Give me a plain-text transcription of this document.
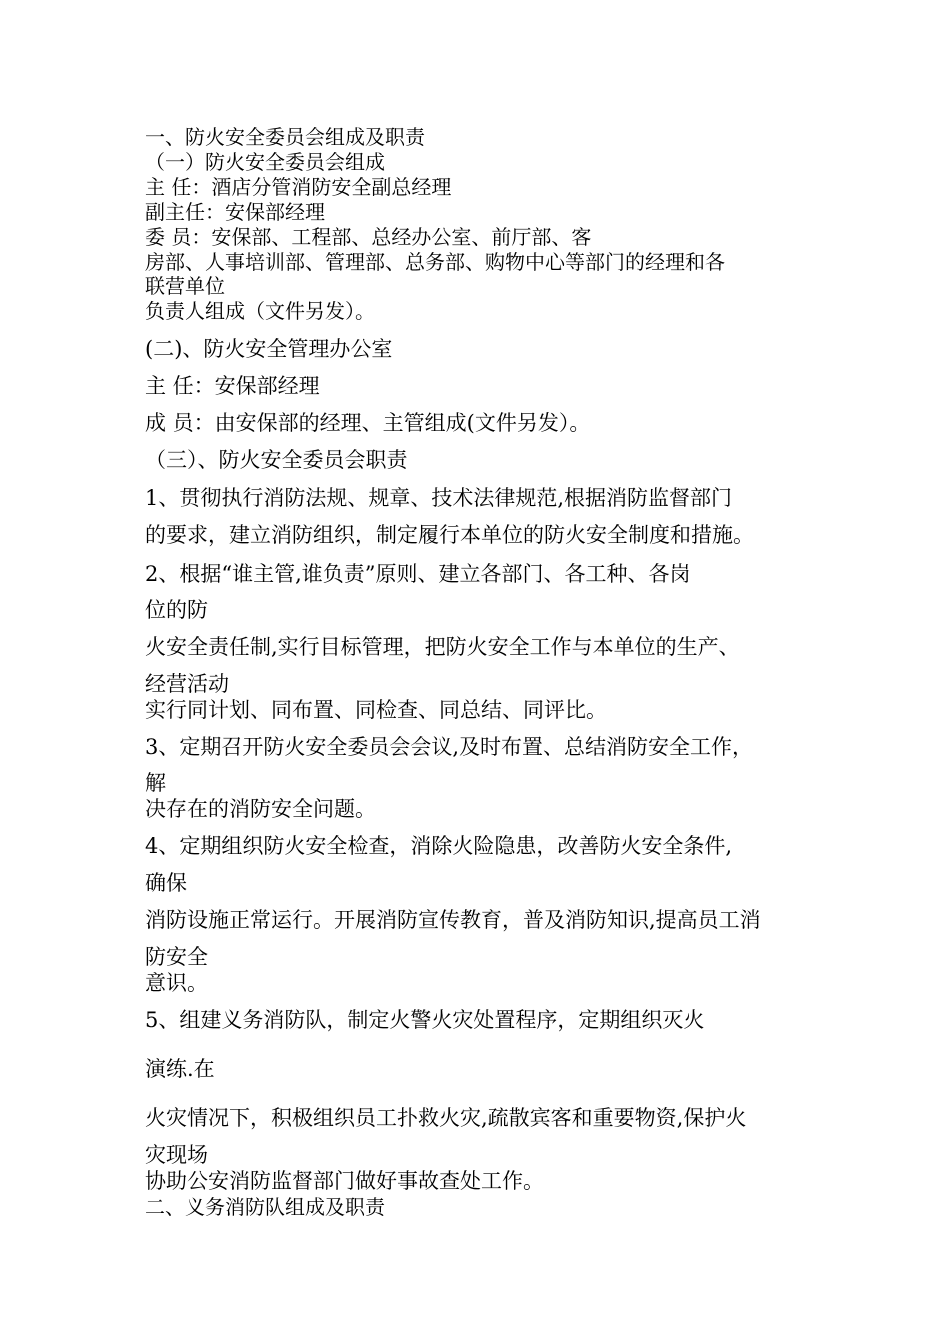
一、防火安全委员会组成及职责
（一）防火安全委员会组成
主 任：酒店分管消防安全副总经理
副主任：安保部经理
委 员：安保部、工程部、总经办公室、前厅部、客
房部、人事培训部、管理部、总务部、购物中心等部门的经理和各
联营单位
负责人组成（文件另发）。
(二)、防火安全管理办公室
主 任：安保部经理
成 员：由安保部的经理、主管组成(文件另发）。
（三）、防火安全委员会职责
1、贯彻执行消防法规、规章、技术法律规范,根据消防监督部门
的要求，建立消防组织，制定履行本单位的防火安全制度和措施。
2、根据“谁主管,谁负责”原则、建立各部门、各工种、各岗
位的防
火安全责任制,实行目标管理，把防火安全工作与本单位的生产、
经营活动
实行同计划、同布置、同检查、同总结、同评比。
3、定期召开防火安全委员会会议,及时布置、总结消防安全工作，
解
决存在的消防安全问题。
4、定期组织防火安全检查，消除火险隐患，改善防火安全条件,
确保
消防设施正常运行。开展消防宣传教育，普及消防知识,提高员工消
防安全
意识。
5、组建义务消防队，制定火警火灾处置程序，定期组织灭火
演练.在
火灾情况下，积极组织员工扑救火灾,疏散宾客和重要物资,保护火
灾现场
协助公安消防监督部门做好事故查处工作。
二、义务消防队组成及职责
